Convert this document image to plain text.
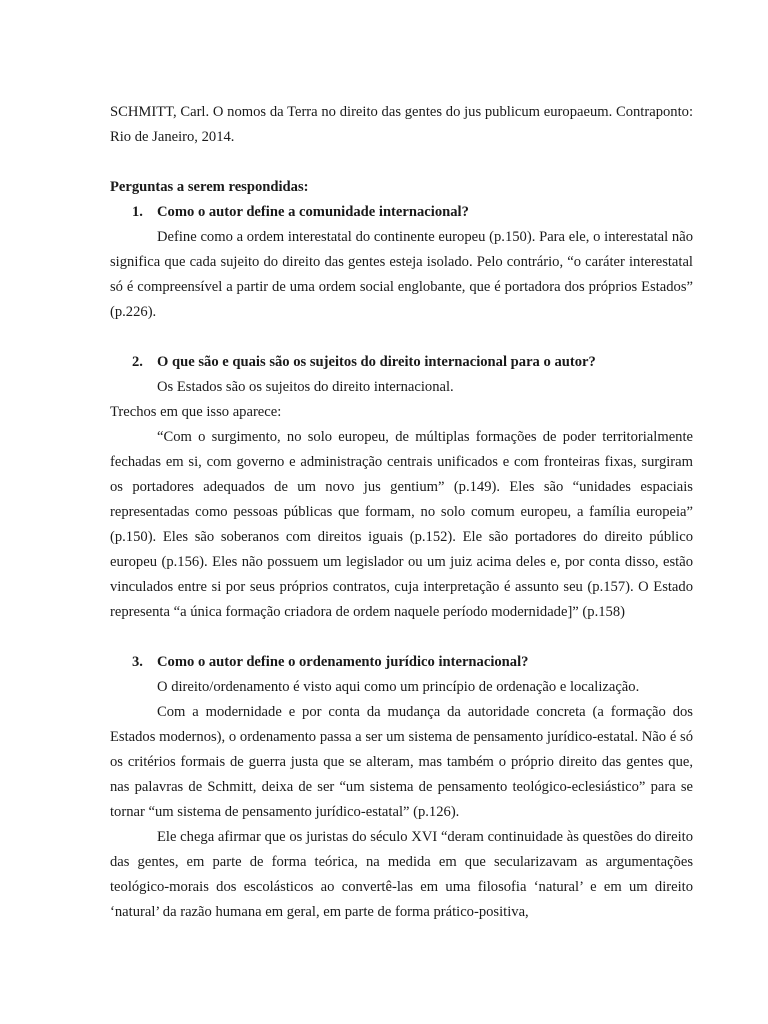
SCHMITT, Carl. O nomos da Terra no direito das gentes do jus publicum europaeum. Contraponto: Rio de Janeiro, 2014.

Perguntas a serem respondidas:

1. Como o autor define a comunidade internacional?

Define como a ordem interestatal do continente europeu (p.150). Para ele, o interestatal não significa que cada sujeito do direito das gentes esteja isolado. Pelo contrário, “o caráter interestatal só é compreensível a partir de uma ordem social englobante, que é portadora dos próprios Estados” (p.226).

2. O que são e quais são os sujeitos do direito internacional para o autor?

Os Estados são os sujeitos do direito internacional.

Trechos em que isso aparece:

“Com o surgimento, no solo europeu, de múltiplas formações de poder territorialmente fechadas em si, com governo e administração centrais unificados e com fronteiras fixas, surgiram os portadores adequados de um novo jus gentium” (p.149). Eles são “unidades espaciais representadas como pessoas públicas que formam, no solo comum europeu, a família europeia” (p.150). Eles são soberanos com direitos iguais (p.152). Ele são portadores do direito público europeu (p.156). Eles não possuem um legislador ou um juiz acima deles e, por conta disso, estão vinculados entre si por seus próprios contratos, cuja interpretação é assunto seu (p.157). O Estado representa “a única formação criadora de ordem naquele período modernidade]” (p.158)

3. Como o autor define o ordenamento jurídico internacional?

O direito/ordenamento é visto aqui como um princípio de ordenação e localização.

Com a modernidade e por conta da mudança da autoridade concreta (a formação dos Estados modernos), o ordenamento passa a ser um sistema de pensamento jurídico-estatal. Não é só os critérios formais de guerra justa que se alteram, mas também o próprio direito das gentes que, nas palavras de Schmitt, deixa de ser “um sistema de pensamento teológico-eclesiástico” para se tornar “um sistema de pensamento jurídico-estatal” (p.126).

Ele chega afirmar que os juristas do século XVI “deram continuidade às questões do direito das gentes, em parte de forma teórica, na medida em que secularizavam as argumentações teológico-morais dos escolásticos ao convertê-las em uma filosofia ‘natural’ e em um direito ‘natural’ da razão humana em geral, em parte de forma prático-positiva,
